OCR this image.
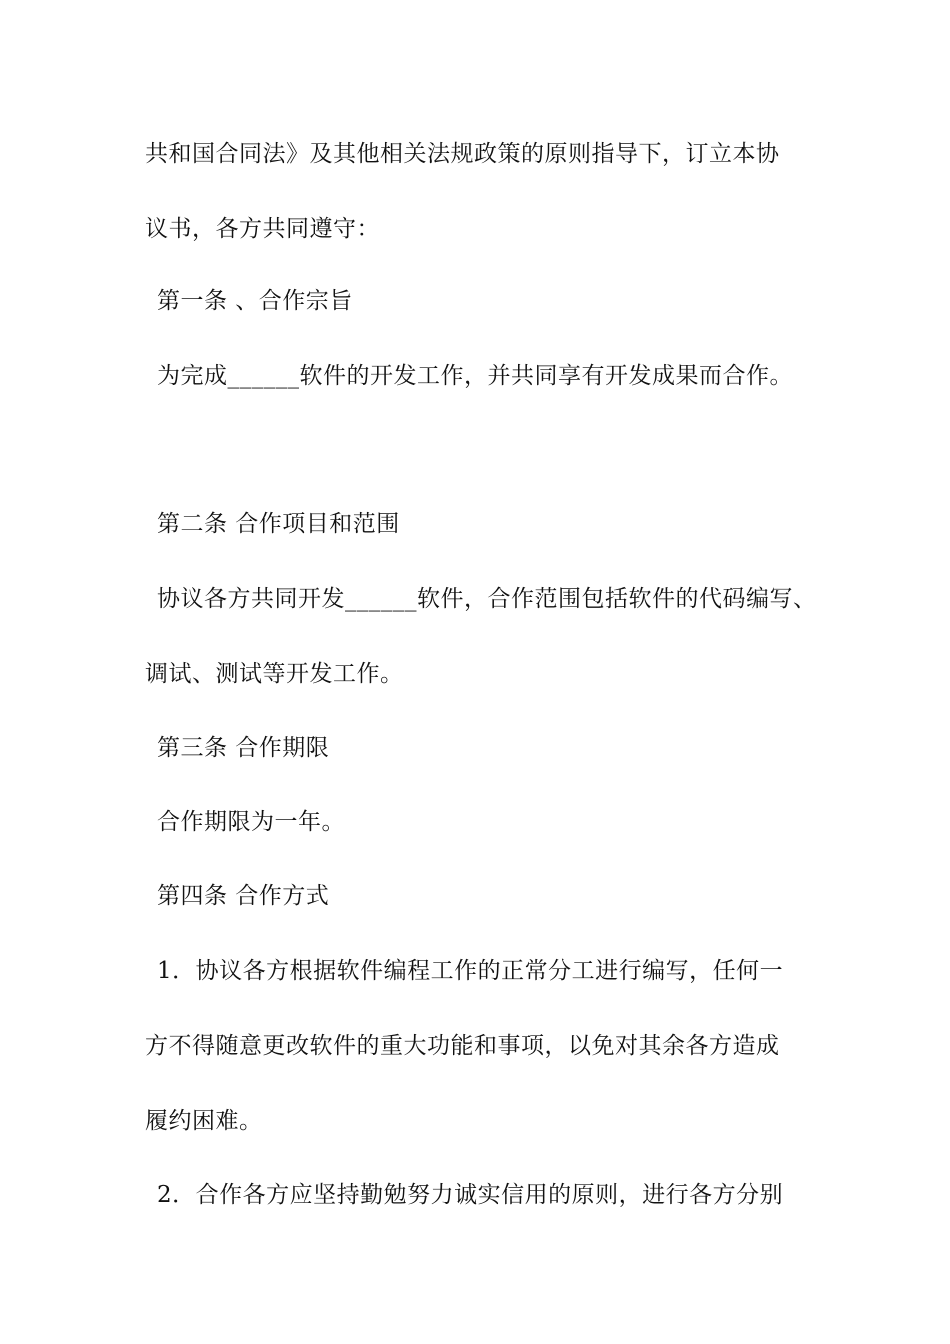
共和国合同法》及其他相关法规政策的原则指导下，订立本协
议书，各方共同遵守：
第一条 、合作宗旨
为完成______软件的开发工作，并共同享有开发成果而合作。
第二条 合作项目和范围
协议各方共同开发______软件，合作范围包括软件的代码编写、
调试、测试等开发工作。
第三条 合作期限
合作期限为一年。
第四条 合作方式
1．协议各方根据软件编程工作的正常分工进行编写，任何一
方不得随意更改软件的重大功能和事项，以免对其余各方造成
履约困难。
2．合作各方应坚持勤勉努力诚实信用的原则，进行各方分别
